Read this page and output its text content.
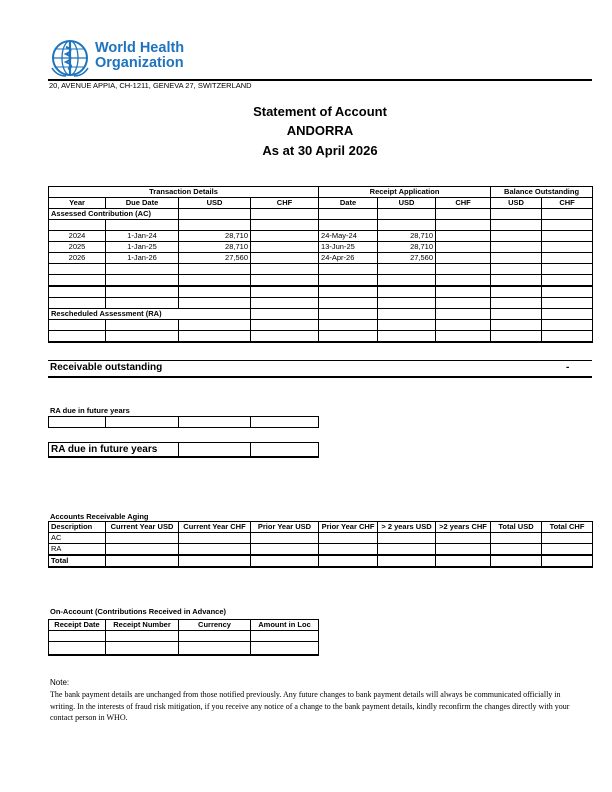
World Health
Organization
20, AVENUE APPIA, CH-1211, GENEVA 27, SWITZERLAND
Statement of Account
ANDORRA
As at 30 April 2026
Transaction Details				Receipt Application			Balance Outstanding	
Year	Due Date	USD	CHF	Date	USD	CHF	USD	CHF
Assessed Contribution (AC)								

2024	1-Jan-24	28,710		24-May-24	28,710			
2025	1-Jan-25	28,710		13-Jun-25	28,710			
2026	1-Jan-26	27,560		24-Apr-26	27,560			

Rescheduled Assessment (RA)								

Receivable outstanding	-
RA due in future years

RA due in future years		
Accounts Receivable Aging
Description	Current Year USD	Current Year CHF	Prior Year USD	Prior Year CHF	> 2 years USD	>2 years CHF	Total USD	Total CHF
AC								
RA								
Total								
On-Account (Contributions Received in Advance)
Receipt Date	Receipt Number	Currency	Amount in Loc

Note:
The bank payment details are unchanged from those notified previously. Any future changes to bank payment details will always be communicated officially in writing. In the interests of fraud risk mitigation, if you receive any notice of a change to the bank payment details, kindly reconfirm the changes directly with your contact person in WHO.
